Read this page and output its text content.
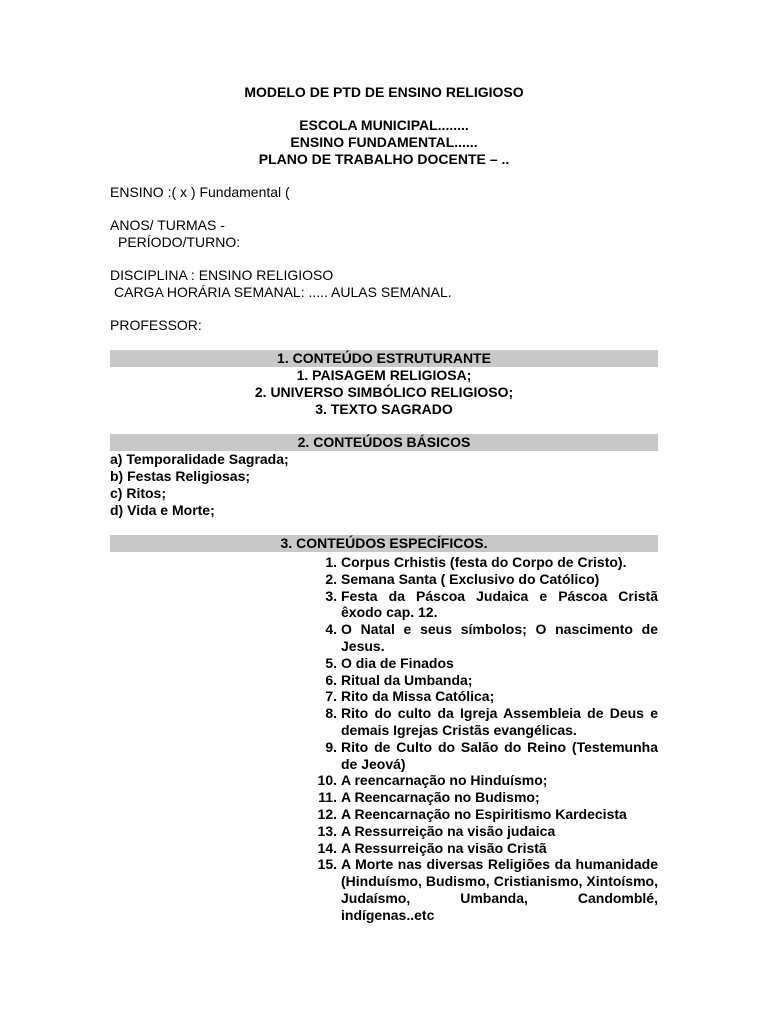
MODELO DE PTD DE ENSINO RELIGIOSO
ESCOLA MUNICIPAL........
ENSINO FUNDAMENTAL......
PLANO DE TRABALHO DOCENTE – ..
ENSINO :( x ) Fundamental (
ANOS/ TURMAS -
PERÍODO/TURNO:
DISCIPLINA : ENSINO RELIGIOSO
CARGA HORÁRIA SEMANAL: ..... AULAS SEMANAL.
PROFESSOR:
1. CONTEÚDO ESTRUTURANTE
1. PAISAGEM RELIGIOSA;
2. UNIVERSO SIMBÓLICO RELIGIOSO;
3. TEXTO SAGRADO
2. CONTEÚDOS BÁSICOS
a) Temporalidade Sagrada;
b) Festas Religiosas;
c) Ritos;
d) Vida e Morte;
3. CONTEÚDOS ESPECÍFICOS.
1. Corpus Crhistis (festa do Corpo de Cristo).
2. Semana Santa ( Exclusivo do Católico)
3. Festa da Páscoa Judaica e Páscoa Cristã êxodo cap. 12.
4. O Natal e seus símbolos; O nascimento de Jesus.
5. O dia de Finados
6. Ritual da Umbanda;
7. Rito da Missa Católica;
8. Rito do culto da Igreja Assembleia de Deus e demais Igrejas Cristãs evangélicas.
9. Rito de Culto do Salão do Reino (Testemunha de Jeová)
10. A reencarnação no Hinduísmo;
11. A Reencarnação no Budismo;
12. A Reencarnação no Espiritismo Kardecista
13. A Ressurreição na visão judaica
14. A Ressurreição na visão Cristã
15. A Morte nas diversas Religiões da humanidade (Hinduísmo, Budismo, Cristianismo, Xintoísmo, Judaísmo, Umbanda, Candomblé, indígenas..etc
